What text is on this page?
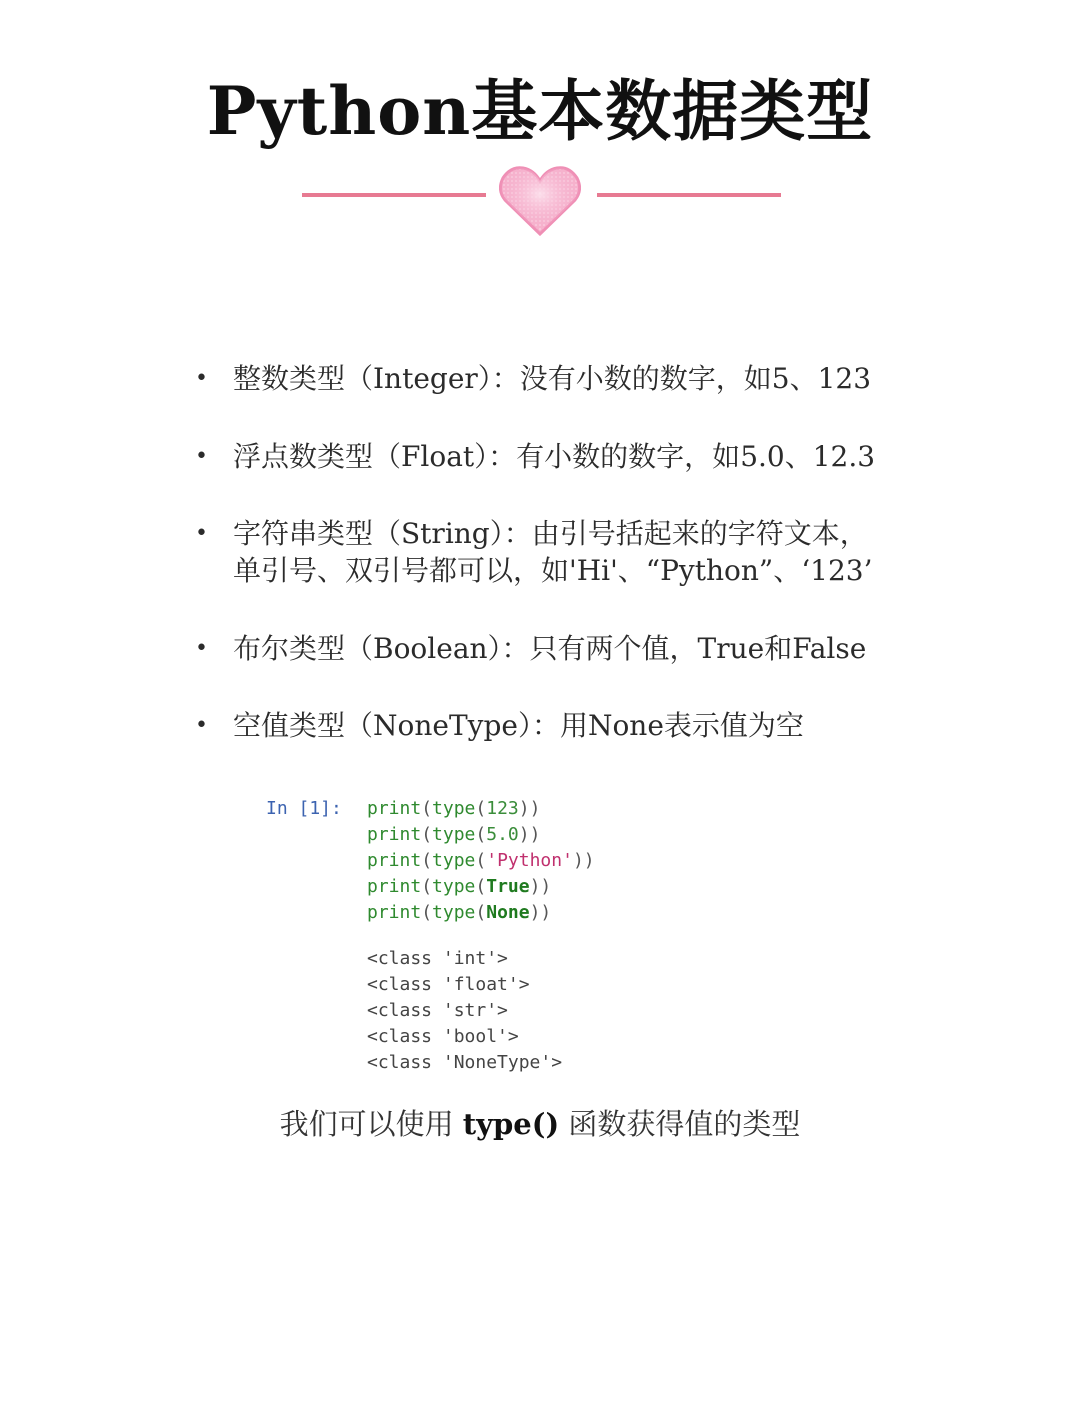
Python基本数据类型
• 整数类型（Integer）：没有小数的数字，如5、123
• 浮点数类型（Float）：有小数的数字，如5.0、12.3
• 字符串类型（String）：由引号括起来的字符文本，
单引号、双引号都可以，如'Hi'、“Python”、‘123’
• 布尔类型（Boolean）：只有两个值，True和False
• 空值类型（NoneType）：用None表示值为空
In [1]: print(type(123))
print(type(5.0))
print(type('Python'))
print(type(True))
print(type(None))
<class 'int'>
<class 'float'>
<class 'str'>
<class 'bool'>
<class 'NoneType'>
我们可以使用 type() 函数获得值的类型
